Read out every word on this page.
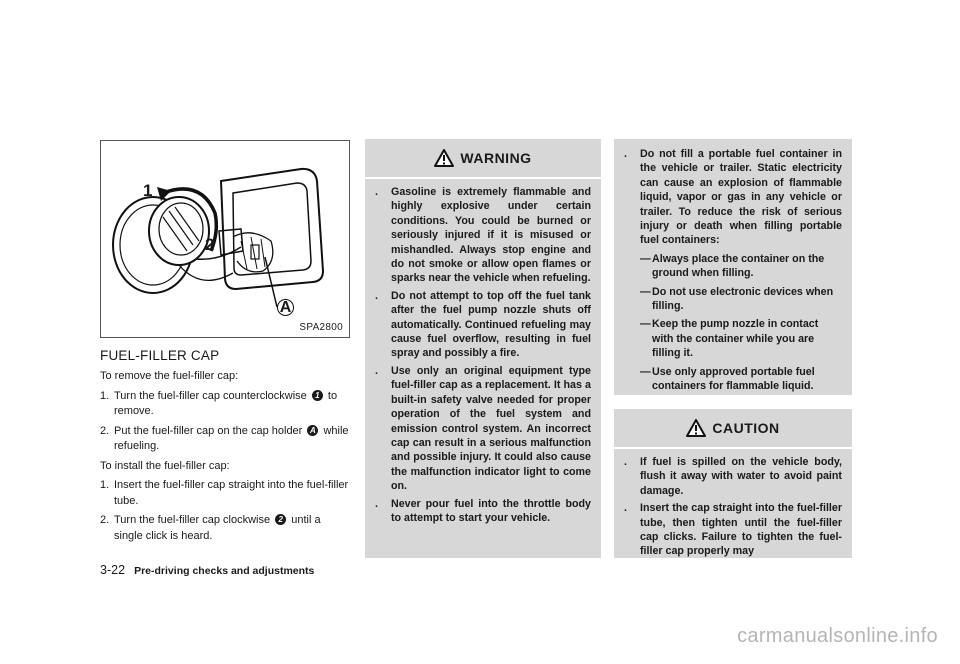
1
2
A
SPA2800
FUEL-FILLER CAP

To remove the fuel-filler cap:

1. Turn the fuel-filler cap counterclockwise 1 to remove.
2. Put the fuel-filler cap on the cap holder A while refueling.

To install the fuel-filler cap:

1. Insert the fuel-filler cap straight into the fuel-filler tube.
2. Turn the fuel-filler cap clockwise 2 until a single click is heard.
WARNING
. Gasoline is extremely flammable and highly explosive under certain conditions. You could be burned or seriously injured if it is misused or mishandled. Always stop engine and do not smoke or allow open flames or sparks near the vehicle when refueling.
. Do not attempt to top off the fuel tank after the fuel pump nozzle shuts off automatically. Continued refueling may cause fuel overflow, resulting in fuel spray and possibly a fire.
. Use only an original equipment type fuel-filler cap as a replacement. It has a built-in safety valve needed for proper operation of the fuel system and emission control system. An incorrect cap can result in a serious malfunction and possible injury. It could also cause the malfunction indicator light to come on.
. Never pour fuel into the throttle body to attempt to start your vehicle.
. Do not fill a portable fuel container in the vehicle or trailer. Static electricity can cause an explosion of flammable liquid, vapor or gas in any vehicle or trailer. To reduce the risk of serious injury or death when filling portable fuel containers:
— Always place the container on the ground when filling.
— Do not use electronic devices when filling.
— Keep the pump nozzle in contact with the container while you are filling it.
— Use only approved portable fuel containers for flammable liquid.
CAUTION
. If fuel is spilled on the vehicle body, flush it away with water to avoid paint damage.
. Insert the cap straight into the fuel-filler tube, then tighten until the fuel-filler cap clicks. Failure to tighten the fuel-filler cap properly may
3-22 Pre-driving checks and adjustments
carmanualsonline.info
